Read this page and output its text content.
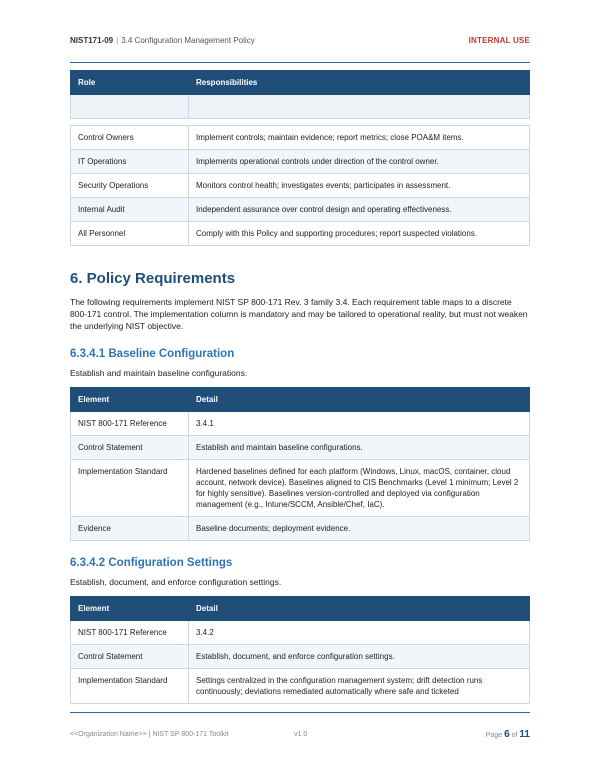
NIST171-09 | 3.4 Configuration Management Policy	INTERNAL USE
Role	Responsibilities

Control Owners	Implement controls; maintain evidence; report metrics; close POA&M items.
IT Operations	Implements operational controls under direction of the control owner.
Security Operations	Monitors control health; investigates events; participates in assessment.
Internal Audit	Independent assurance over control design and operating effectiveness.
All Personnel	Comply with this Policy and supporting procedures; report suspected violations.
6. Policy Requirements

The following requirements implement NIST SP 800-171 Rev. 3 family 3.4. Each requirement table maps to a discrete 800-171 control. The implementation column is mandatory and may be tailored to operational reality, but must not weaken the underlying NIST objective.

6.3.4.1 Baseline Configuration

Establish and maintain baseline configurations.

Element	Detail
NIST 800-171 Reference	3.4.1
Control Statement	Establish and maintain baseline configurations.
Implementation Standard	Hardened baselines defined for each platform (Windows, Linux, macOS, container, cloud account, network device). Baselines aligned to CIS Benchmarks (Level 1 minimum; Level 2 for highly sensitive). Baselines version-controlled and deployed via configuration management (e.g., Intune/SCCM, Ansible/Chef, IaC).
Evidence	Baseline documents; deployment evidence.
6.3.4.2 Configuration Settings

Establish, document, and enforce configuration settings.

Element	Detail
NIST 800-171 Reference	3.4.2
Control Statement	Establish, document, and enforce configuration settings.
Implementation Standard	Settings centralized in the configuration management system; drift detection runs continuously; deviations remediated automatically where safe and ticketed
<<Organization Name>> | NIST SP 800-171 Toolkit	v1.0	Page 6 of 11
